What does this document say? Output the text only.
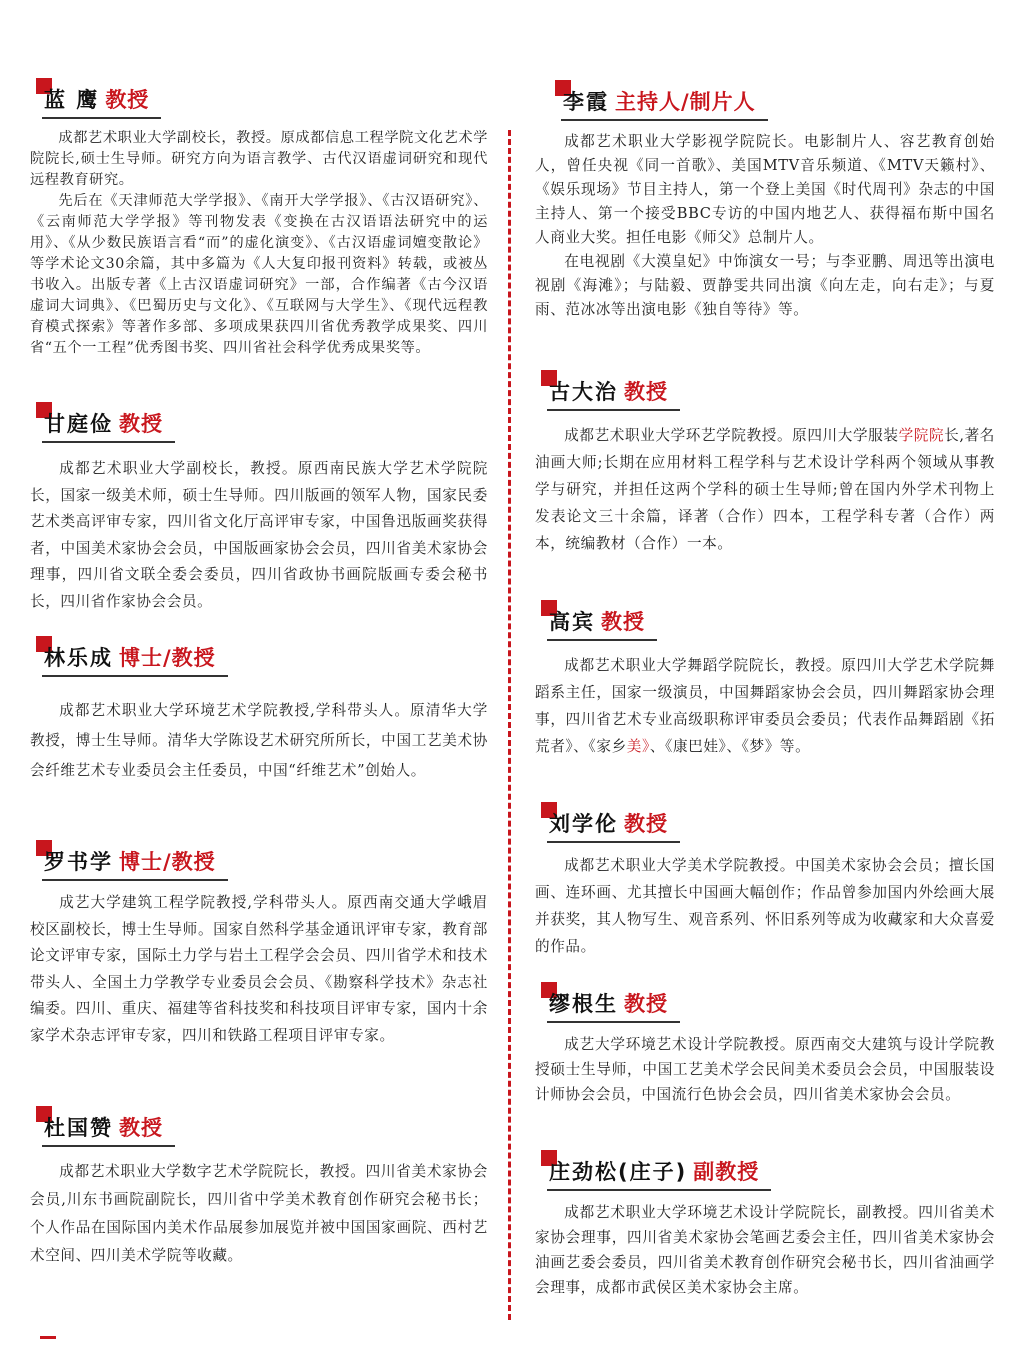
蓝 鹰 教授

成都艺术职业大学副校长，教授。原成都信息工程学院文化艺术学院院长,硕士生导师。研究方向为语言教学、古代汉语虚词研究和现代远程教育研究。

先后在《天津师范大学学报》、《南开大学学报》、《古汉语研究》、《云南师范大学学报》等刊物发表《变换在古汉语语法研究中的运用》、《从少数民族语言看“而”的虚化演变》、《古汉语虚词嬗变散论》等学术论文30余篇，其中多篇为《人大复印报刊资料》转载，或被丛书收入。出版专著《上古汉语虚词研究》一部，合作编著《古今汉语虚词大词典》、《巴蜀历史与文化》、《互联网与大学生》、《现代远程教育模式探索》等著作多部、多项成果获四川省优秀教学成果奖、四川省“五个一工程”优秀图书奖、四川省社会科学优秀成果奖等。

甘庭俭 教授

成都艺术职业大学副校长，教授。原西南民族大学艺术学院院长，国家一级美术师，硕士生导师。四川版画的领军人物，国家民委艺术类高评审专家，四川省文化厅高评审专家，中国鲁迅版画奖获得者，中国美术家协会会员，中国版画家协会会员，四川省美术家协会理事，四川省文联全委会委员，四川省政协书画院版画专委会秘书长，四川省作家协会会员。

林乐成 博士/教授

成都艺术职业大学环境艺术学院教授,学科带头人。原清华大学教授，博士生导师。清华大学陈设艺术研究所所长，中国工艺美术协会纤维艺术专业委员会主任委员，中国“纤维艺术”创始人。

罗书学 博士/教授

成艺大学建筑工程学院教授,学科带头人。原西南交通大学峨眉校区副校长，博士生导师。国家自然科学基金通讯评审专家，教育部论文评审专家，国际土力学与岩土工程学会会员、四川省学术和技术带头人、全国土力学教学专业委员会会员、《勘察科学技术》杂志社编委。四川、重庆、福建等省科技奖和科技项目评审专家，国内十余家学术杂志评审专家，四川和铁路工程项目评审专家。

杜国赞 教授

成都艺术职业大学数字艺术学院院长，教授。四川省美术家协会会员,川东书画院副院长，四川省中学美术教育创作研究会秘书长；个人作品在国际国内美术作品展参加展览并被中国国家画院、西村艺术空间、四川美术学院等收藏。

李霞 主持人/制片人

成都艺术职业大学影视学院院长。电影制片人、容艺教育创始人，曾任央视《同一首歌》、美国MTV音乐频道、《MTV天籁村》、《娱乐现场》节目主持人，第一个登上美国《时代周刊》杂志的中国主持人、第一个接受BBC专访的中国内地艺人、获得福布斯中国名人商业大奖。担任电影《师父》总制片人。

在电视剧《大漠皇妃》中饰演女一号；与李亚鹏、周迅等出演电视剧《海滩》；与陆毅、贾静雯共同出演《向左走，向右走》；与夏雨、范冰冰等出演电影《独自等待》等。

古大治 教授

成都艺术职业大学环艺学院教授。原四川大学服装学院院长,著名油画大师;长期在应用材料工程学科与艺术设计学科两个领域从事教学与研究，并担任这两个学科的硕士生导师;曾在国内外学术刊物上发表论文三十余篇，译著（合作）四本，工程学科专著（合作）两本，统编教材（合作）一本。

高宾 教授

成都艺术职业大学舞蹈学院院长，教授。原四川大学艺术学院舞蹈系主任，国家一级演员，中国舞蹈家协会会员，四川舞蹈家协会理事，四川省艺术专业高级职称评审委员会委员；代表作品舞蹈剧《拓荒者》、《家乡美》、《康巴娃》、《梦》等。

刘学伦 教授

成都艺术职业大学美术学院教授。中国美术家协会会员；擅长国画、连环画、尤其擅长中国画大幅创作；作品曾参加国内外绘画大展并获奖，其人物写生、观音系列、怀旧系列等成为收藏家和大众喜爱的作品。

缪根生 教授

成艺大学环境艺术设计学院教授。原西南交大建筑与设计学院教授硕士生导师，中国工艺美术学会民间美术委员会会员，中国服装设计师协会会员，中国流行色协会会员，四川省美术家协会会员。

庄劲松(庄子) 副教授

成都艺术职业大学环境艺术设计学院院长，副教授。四川省美术家协会理事，四川省美术家协会笔画艺委会主任，四川省美术家协会油画艺委会委员，四川省美术教育创作研究会秘书长，四川省油画学会理事，成都市武侯区美术家协会主席。
